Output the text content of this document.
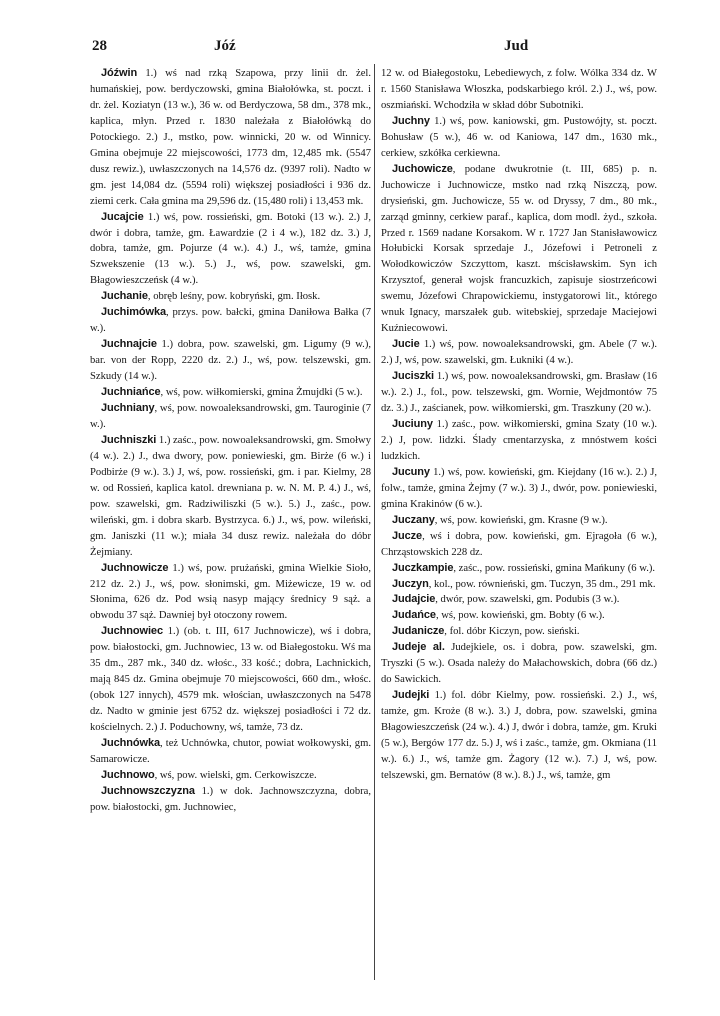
28	Jóź	Jud

Jóźwin 1.) wś nad rzką Szapowa, przy linii dr. żel. humańskiej, pow. berdyczowski, gmina Białołówka, st. poczt. i dr. żel. Koziatyn (13 w.), 36 w. od Berdyczowa, 58 dm., 378 mk., kaplica, młyn. Przed r. 1830 należała z Białołówką do Potockiego. 2.) J., mstko, pow. winnicki, 20 w. od Winnicy. Gmina obejmuje 22 miejscowości, 1773 dm, 12,485 mk. (5547 dusz rewiz.), uwłaszczonych na 14,576 dz. (9397 roli). Nadto w gm. jest 14,084 dz. (5594 roli) większej posiadłości i 936 dz. ziemi cerk. Cała gmina ma 29,596 dz. (15,480 roli) i 13,453 mk.

Jucajcie 1.) wś, pow. rossieński, gm. Botoki (13 w.). 2.) J, dwór i dobra, tamże, gm. Ławardzie (2 i 4 w.), 182 dz. 3.) J, dobra, tamże, gm. Pojurze (4 w.). 4.) J., wś, tamże, gmina Szwekszenie (13 w.). 5.) J., wś, pow. szawelski, gm. Błagowieszczeńsk (4 w.).

Juchanie, obręb leśny, pow. kobryński, gm. Iłosk.

Juchimówka, przys. pow. bałcki, gmina Daniłowa Bałka (7 w.).

Juchnajcie 1.) dobra, pow. szawelski, gm. Ligumy (9 w.), bar. von der Ropp, 2220 dz. 2.) J., wś, pow. telszewski, gm. Szkudy (14 w.).

Juchniańce, wś, pow. wiłkomierski, gmina Żmujdki (5 w.).

Juchniany, wś, pow. nowoaleksandrowski, gm. Tauroginie (7 w.).

Juchniszki 1.) zaśc., pow. nowoaleksandrowski, gm. Smołwy (4 w.). 2.) J., dwa dwory, pow. poniewieski, gm. Birże (6 w.) i Podbirże (9 w.). 3.) J, wś, pow. rossieński, gm. i par. Kielmy, 28 w. od Rossień, kaplica katol. drewniana p. w. N. M. P. 4.) J., wś, pow. szawelski, gm. Radziwiliszki (5 w.). 5.) J., zaśc., pow. wileński, gm. i dobra skarb. Bystrzyca. 6.) J., wś, pow. wileński, gm. Janiszki (11 w.); miała 34 dusz rewiz. należała do dóbr Żejmiany.

Juchnowicze 1.) wś, pow. prużański, gmina Wielkie Sioło, 212 dz. 2.) J., wś, pow. słonimski, gm. Miżewicze, 19 w. od Słonima, 626 dz. Pod wsią nasyp mający średnicy 9 sąż. a obwodu 37 sąż. Dawniej był otoczony rowem.

Juchnowiec 1.) (ob. t. III, 617 Juchnowicze), wś i dobra, pow. białostocki, gm. Juchnowiec, 13 w. od Białegostoku. Wś ma 35 dm., 287 mk., 340 dz. włośc., 33 kość.; dobra, Lachnickich, mają 845 dz. Gmina obejmuje 70 miejscowości, 660 dm., włośc. (obok 127 innych), 4579 mk. włościan, uwłaszczonych na 5478 dz. Nadto w gminie jest 6752 dz. większej posiadłości i 72 dz. kościelnych. 2.) J. Poduchowny, wś, tamże, 73 dz.

Juchnówka, też Uchnówka, chutor, powiat wołkowyski, gm. Samarowicze.

Juchnowo, wś, pow. wielski, gm. Cerkowiszcze.

Juchnowszczyzna 1.) w dok. Jachnowszczyzna, dobra, pow. białostocki, gm. Juchnowiec,

12 w. od Białegostoku, Lebediewych, z folw. Wólka 334 dz. W r. 1560 Stanisława Włoszka, podskarbiego król. 2.) J., wś, pow. oszmiański. Wchodziła w skład dóbr Subotniki.

Juchny 1.) wś, pow. kaniowski, gm. Pustowójty, st. poczt. Bohusław (5 w.), 46 w. od Kaniowa, 147 dm., 1630 mk., cerkiew, szkółka cerkiewna.

Juchowicze, podane dwukrotnie (t. III, 685) p. n. Juchowicze i Juchnowicze, mstko nad rzką Niszczą, pow. drysieński, gm. Juchowicze, 55 w. od Dryssy, 7 dm., 80 mk., zarząd gminny, cerkiew paraf., kaplica, dom modl. żyd., szkoła. Przed r. 1569 nadane Korsakom. W r. 1727 Jan Stanisławowicz Hołubicki Korsak sprzedaje J., Józefowi i Petroneli z Wołodkowiczów Szczyttom, kaszt. mścisławskim. Syn ich Krzysztof, generał wojsk francuzkich, zapisuje siostrzeńcowi swemu, Józefowi Chrapowickiemu, instygatorowi lit., którego wnuk Ignacy, marszałek gub. witebskiej, sprzedaje Maciejowi Kuźniecowowi.

Jucie 1.) wś, pow. nowoaleksandrowski, gm. Abele (7 w.). 2.) J, wś, pow. szawelski, gm. Łukniki (4 w.).

Juciszki 1.) wś, pow. nowoaleksandrowski, gm. Brasław (16 w.). 2.) J., fol., pow. telszewski, gm. Wornie, Wejdmontów 75 dz. 3.) J., zaścianek, pow. wiłkomierski, gm. Traszkuny (20 w.).

Juciuny 1.) zaśc., pow. wiłkomierski, gmina Szaty (10 w.). 2.) J, pow. lidzki. Ślady cmentarzyska, z mnóstwem kości ludzkich.

Jucuny 1.) wś, pow. kowieński, gm. Kiejdany (16 w.). 2.) J, folw., tamże, gmina Żejmy (7 w.). 3) J., dwór, pow. poniewieski, gmina Krakinów (6 w.).

Juczany, wś, pow. kowieński, gm. Krasne (9 w.).

Jucze, wś i dobra, pow. kowieński, gm. Ejragoła (6 w.), Chrząstowskich 228 dz.

Juczkampie, zaśc., pow. rossieński, gmina Mańkuny (6 w.).

Juczyn, kol., pow. równieński, gm. Tuczyn, 35 dm., 291 mk.

Judajcie, dwór, pow. szawelski, gm. Podubis (3 w.).

Judańce, wś, pow. kowieński, gm. Bobty (6 w.).

Judanicze, fol. dóbr Kiczyn, pow. sieński.

Judeje al. Judejkiele, os. i dobra, pow. szawelski, gm. Tryszki (5 w.). Osada należy do Małachowskich, dobra (66 dz.) do Sawickich.

Judejki 1.) fol. dóbr Kielmy, pow. rossieński. 2.) J., wś, tamże, gm. Kroże (8 w.). 3.) J, dobra, pow. szawelski, gmina Błagowieszczeńsk (24 w.). 4.) J, dwór i dobra, tamże, gm. Kruki (5 w.), Bergów 177 dz. 5.) J, wś i zaśc., tamże, gm. Okmiana (11 w.). 6.) J., wś, tamże gm. Żagory (12 w.). 7.) J, wś, pow. telszewski, gm. Bernatów (8 w.). 8.) J., wś, tamże, gm
